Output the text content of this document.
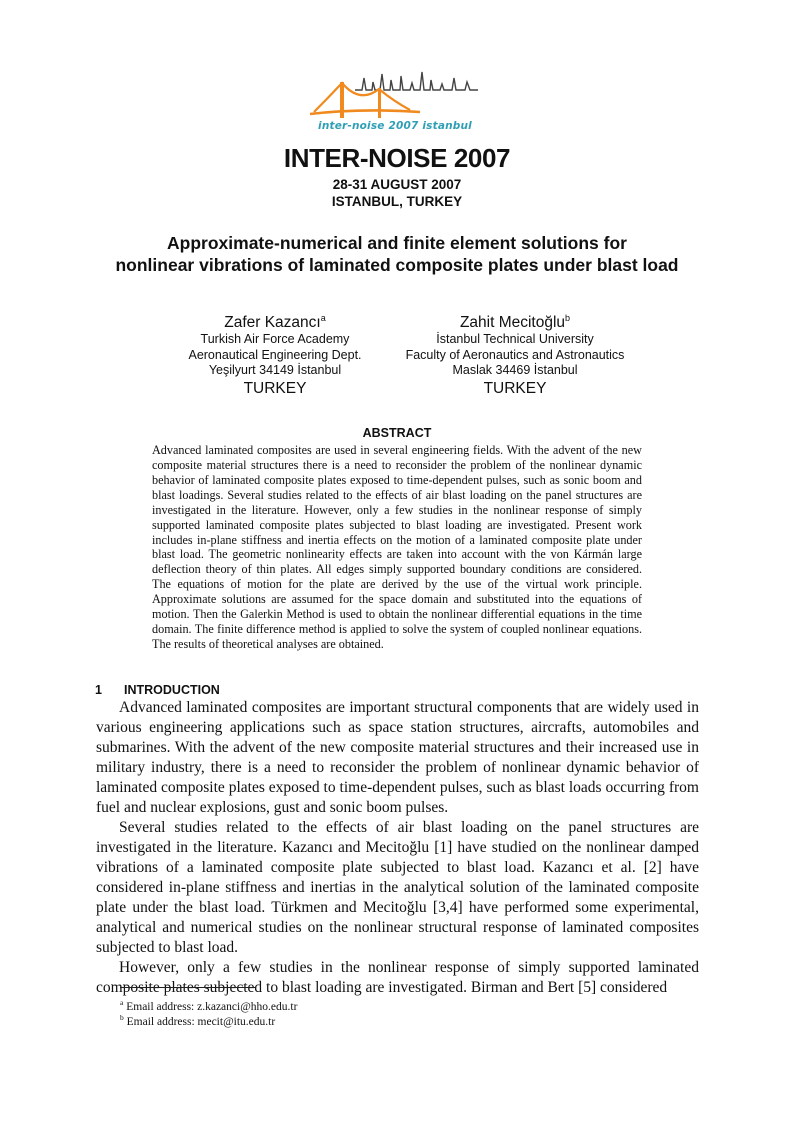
inter-noise 2007 istanbul
INTER-NOISE 2007
28-31 AUGUST 2007
ISTANBUL, TURKEY
Approximate-numerical and finite element solutions for
nonlinear vibrations of laminated composite plates under blast load
Zafer Kazancı$^a$
Turkish Air Force Academy
Aeronautical Engineering Dept.
Yeşilyurt 34149 İstanbul
TURKEY
Zahit Mecitoğlu$^b$
İstanbul Technical University
Faculty of Aeronautics and Astronautics
Maslak 34469 İstanbul
TURKEY
ABSTRACT
Advanced laminated composites are used in several engineering fields. With the advent of the new composite material structures there is a need to reconsider the problem of the nonlinear dynamic behavior of laminated composite plates exposed to time-dependent pulses, such as sonic boom and blast loadings. Several studies related to the effects of air blast loading on the panel structures are investigated in the literature. However, only a few studies in the nonlinear response of simply supported laminated composite plates subjected to blast loading are investigated. Present work includes in-plane stiffness and inertia effects on the motion of a laminated composite plate under blast load. The geometric nonlinearity effects are taken into account with the von Kármán large deflection theory of thin plates. All edges simply supported boundary conditions are considered. The equations of motion for the plate are derived by the use of the virtual work principle. Approximate solutions are assumed for the space domain and substituted into the equations of motion. Then the Galerkin Method is used to obtain the nonlinear differential equations in the time domain. The finite difference method is applied to solve the system of coupled nonlinear equations. The results of theoretical analyses are obtained.
1 INTRODUCTION

Advanced laminated composites are important structural components that are widely used in various engineering applications such as space station structures, aircrafts, automobiles and submarines. With the advent of the new composite material structures and their increased use in military industry, there is a need to reconsider the problem of nonlinear dynamic behavior of laminated composite plates exposed to time-dependent pulses, such as blast loads occurring from fuel and nuclear explosions, gust and sonic boom pulses.

Several studies related to the effects of air blast loading on the panel structures are investigated in the literature. Kazancı and Mecitoğlu [1] have studied on the nonlinear damped vibrations of a laminated composite plate subjected to blast load. Kazancı et al. [2] have considered in-plane stiffness and inertias in the analytical solution of the laminated composite plate under the blast load. Türkmen and Mecitoğlu [3,4] have performed some experimental, analytical and numerical studies on the nonlinear structural response of laminated composites subjected to blast load.

However, only a few studies in the nonlinear response of simply supported laminated composite plates subjected to blast loading are investigated. Birman and Bert [5] considered

$^a$ Email address: z.kazanci@hho.edu.tr
$^b$ Email address: mecit@itu.edu.tr
